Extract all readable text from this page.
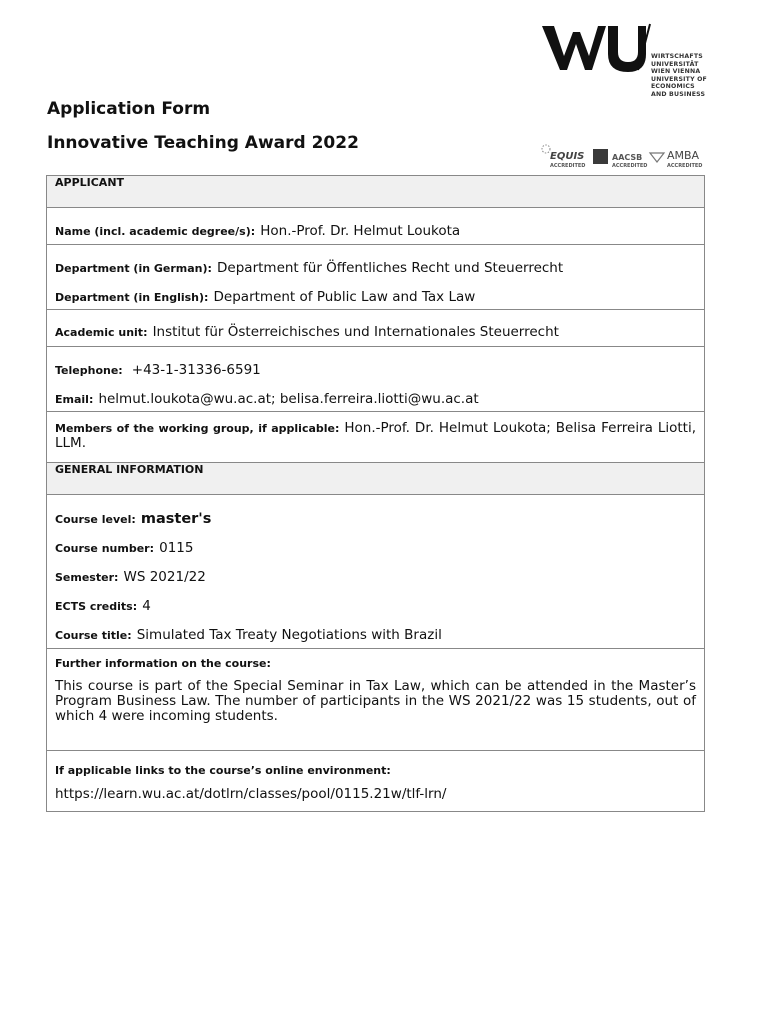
WIRTSCHAFTS
UNIVERSITÄT
WIEN VIENNA
UNIVERSITY OF
ECONOMICS
AND BUSINESS
Application Form
Innovative Teaching Award 2022
EQUIS
ACCREDITED
AACSB
ACCREDITED
AMBA
ACCREDITED
APPLICANT

Name (incl. academic degree/s): Hon.-Prof. Dr. Helmut Loukota

Department (in German): Department für Öffentliches Recht und Steuerrecht
Department (in English): Department of Public Law and Tax Law

Academic unit: Institut für Österreichisches und Internationales Steuerrecht

Telephone: +43-1-31336-6591
Email: helmut.loukota@wu.ac.at; belisa.ferreira.liotti@wu.ac.at

Members of the working group, if applicable: Hon.-Prof. Dr. Helmut Loukota; Belisa Ferreira Liotti, LLM.

GENERAL INFORMATION

Course level: master's
Course number: 0115
Semester: WS 2021/22
ECTS credits: 4
Course title: Simulated Tax Treaty Negotiations with Brazil

Further information on the course:
This course is part of the Special Seminar in Tax Law, which can be attended in the Master’s Program Business Law. The number of participants in the WS 2021/22 was 15 students, out of which 4 were incoming students.

If applicable links to the course’s online environment:
https://learn.wu.ac.at/dotlrn/classes/pool/0115.21w/tlf-lrn/
